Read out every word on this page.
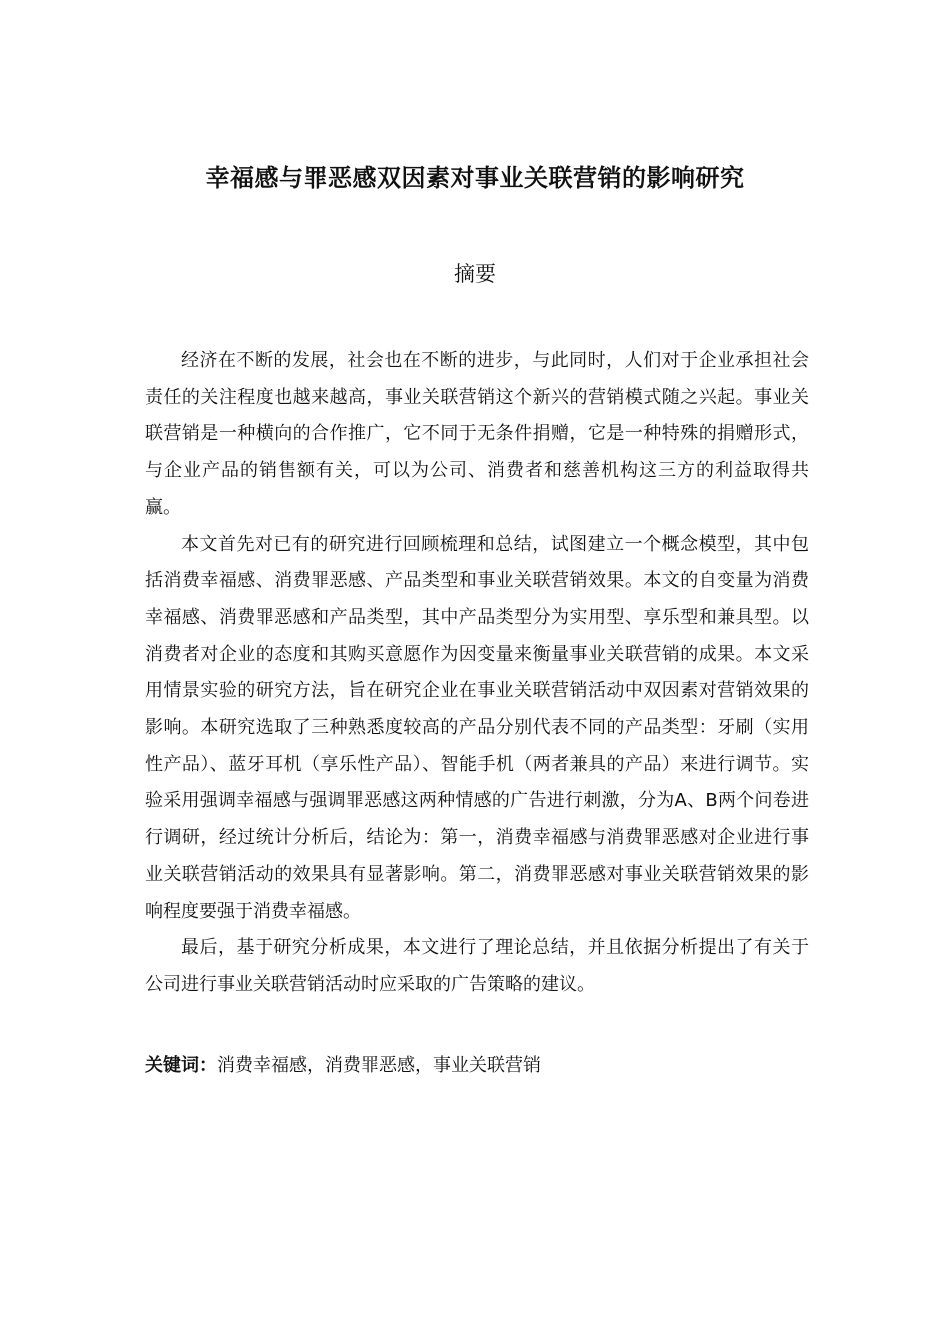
幸福感与罪恶感双因素对事业关联营销的影响研究
摘要

经济在不断的发展，社会也在不断的进步，与此同时，人们对于企业承担社会责任的关注程度也越来越高，事业关联营销这个新兴的营销模式随之兴起。事业关联营销是一种横向的合作推广，它不同于无条件捐赠，它是一种特殊的捐赠形式，与企业产品的销售额有关，可以为公司、消费者和慈善机构这三方的利益取得共赢。

本文首先对已有的研究进行回顾梳理和总结，试图建立一个概念模型，其中包括消费幸福感、消费罪恶感、产品类型和事业关联营销效果。本文的自变量为消费幸福感、消费罪恶感和产品类型，其中产品类型分为实用型、享乐型和兼具型。以消费者对企业的态度和其购买意愿作为因变量来衡量事业关联营销的成果。本文采用情景实验的研究方法，旨在研究企业在事业关联营销活动中双因素对营销效果的影响。本研究选取了三种熟悉度较高的产品分别代表不同的产品类型：牙刷（实用性产品）、蓝牙耳机（享乐性产品）、智能手机（两者兼具的产品）来进行调节。实验采用强调幸福感与强调罪恶感这两种情感的广告进行刺激，分为A、B两个问卷进行调研，经过统计分析后，结论为：第一，消费幸福感与消费罪恶感对企业进行事业关联营销活动的效果具有显著影响。第二，消费罪恶感对事业关联营销效果的影响程度要强于消费幸福感。

最后，基于研究分析成果，本文进行了理论总结，并且依据分析提出了有关于公司进行事业关联营销活动时应采取的广告策略的建议。

关键词：消费幸福感，消费罪恶感，事业关联营销
